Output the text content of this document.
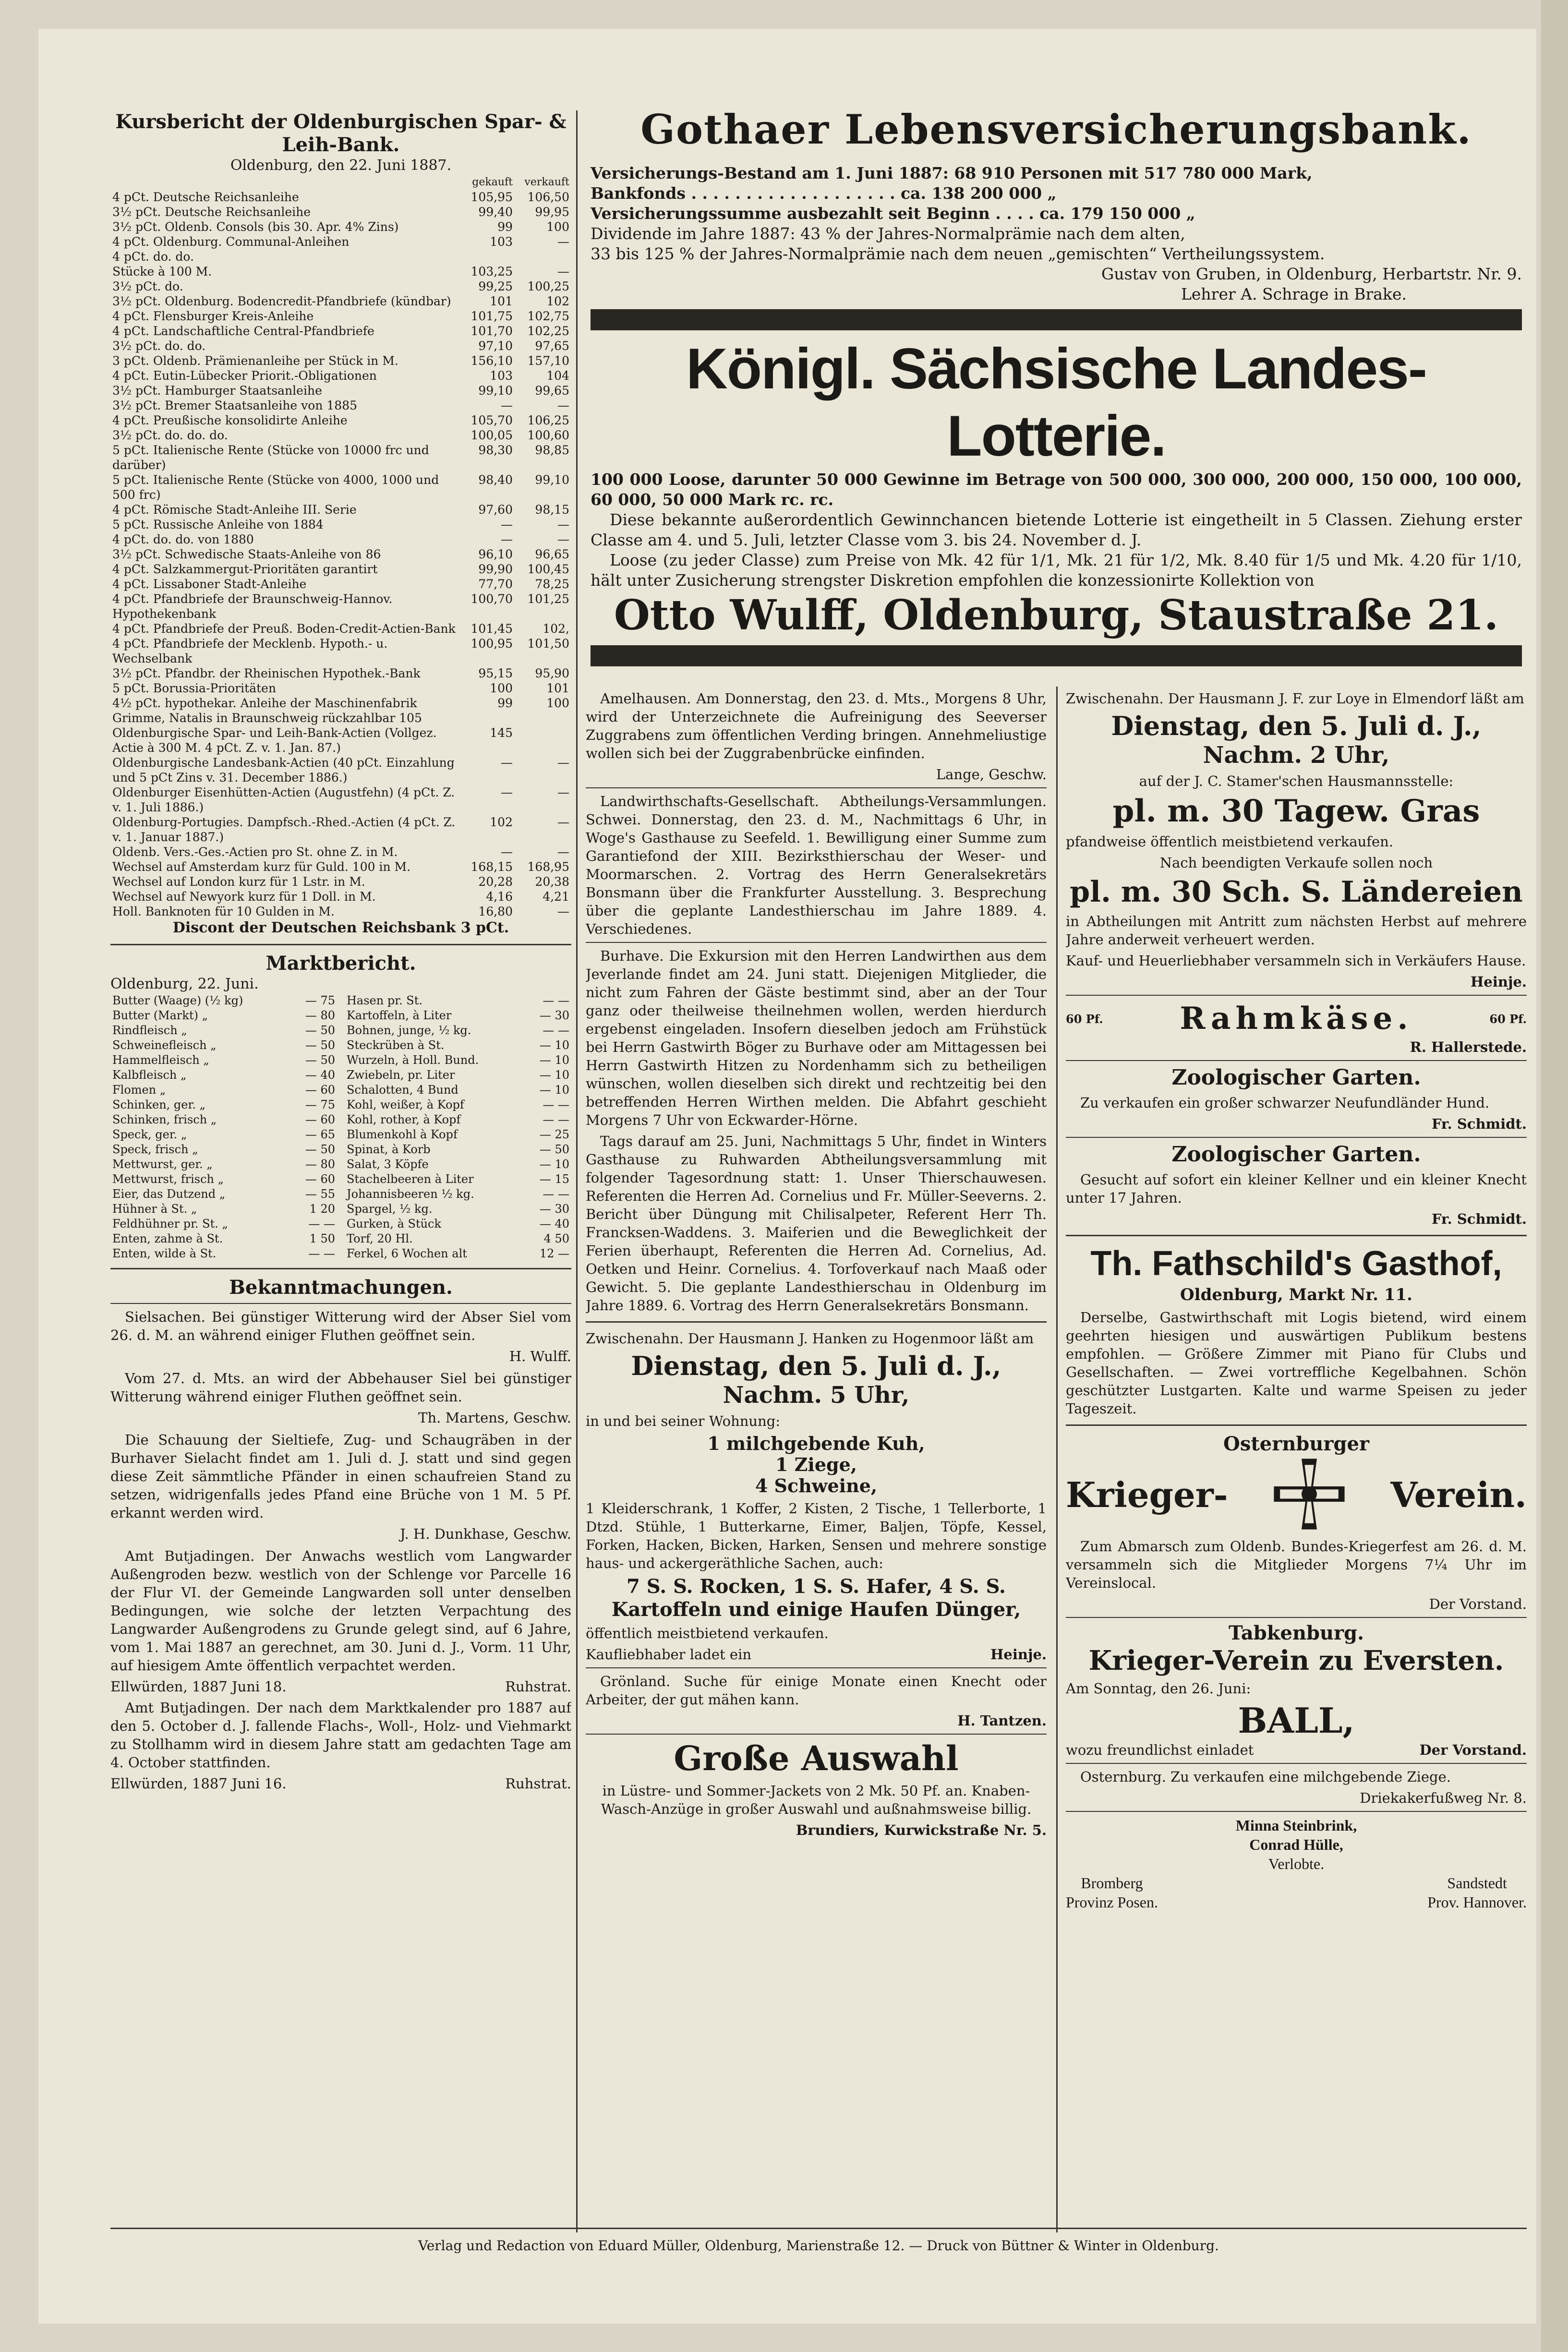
Kursbericht der Oldenburgischen Spar- & Leih-Bank.

Oldenburg, den 22. Juni 1887.

	gekauft	verkauft
4 pCt. Deutsche Reichsanleihe	105,95	106,50
3½ pCt. Deutsche Reichsanleihe	99,40	99,95
3½ pCt. Oldenb. Consols (bis 30. Apr. 4% Zins)	99	100
4 pCt. Oldenburg. Communal-Anleihen	103	—
4 pCt. do. do.		
Stücke à 100 M.	103,25	—
3½ pCt. do.	99,25	100,25
3½ pCt. Oldenburg. Bodencredit-Pfandbriefe (kündbar)	101	102
4 pCt. Flensburger Kreis-Anleihe	101,75	102,75
4 pCt. Landschaftliche Central-Pfandbriefe	101,70	102,25
3½ pCt. do. do.	97,10	97,65
3 pCt. Oldenb. Prämienanleihe per Stück in M.	156,10	157,10
4 pCt. Eutin-Lübecker Priorit.-Obligationen	103	104
3½ pCt. Hamburger Staatsanleihe	99,10	99,65
3½ pCt. Bremer Staatsanleihe von 1885	—	—
4 pCt. Preußische konsolidirte Anleihe	105,70	106,25
3½ pCt. do. do. do.	100,05	100,60
5 pCt. Italienische Rente (Stücke von 10000 frc und darüber)	98,30	98,85
5 pCt. Italienische Rente (Stücke von 4000, 1000 und 500 frc)	98,40	99,10
4 pCt. Römische Stadt-Anleihe III. Serie	97,60	98,15
5 pCt. Russische Anleihe von 1884	—	—
4 pCt. do. do. von 1880	—	—
3½ pCt. Schwedische Staats-Anleihe von 86	96,10	96,65
4 pCt. Salzkammergut-Prioritäten garantirt	99,90	100,45
4 pCt. Lissaboner Stadt-Anleihe	77,70	78,25
4 pCt. Pfandbriefe der Braunschweig-Hannov. Hypothekenbank	100,70	101,25
4 pCt. Pfandbriefe der Preuß. Boden-Credit-Actien-Bank	101,45	102,
4 pCt. Pfandbriefe der Mecklenb. Hypoth.- u. Wechselbank	100,95	101,50
3½ pCt. Pfandbr. der Rheinischen Hypothek.-Bank	95,15	95,90
5 pCt. Borussia-Prioritäten	100	101
4½ pCt. hypothekar. Anleihe der Maschinenfabrik Grimme, Natalis in Braunschweig rückzahlbar 105	99	100
Oldenburgische Spar- und Leih-Bank-Actien (Vollgez. Actie à 300 M. 4 pCt. Z. v. 1. Jan. 87.)	145	
Oldenburgische Landesbank-Actien (40 pCt. Einzahlung und 5 pCt Zins v. 31. December 1886.)	—	—
Oldenburger Eisenhütten-Actien (Augustfehn) (4 pCt. Z. v. 1. Juli 1886.)	—	—
Oldenburg-Portugies. Dampfsch.-Rhed.-Actien (4 pCt. Z. v. 1. Januar 1887.)	102	—
Oldenb. Vers.-Ges.-Actien pro St. ohne Z. in M.	—	—
Wechsel auf Amsterdam kurz für Guld. 100 in M.	168,15	168,95
Wechsel auf London kurz für 1 Lstr. in M.	20,28	20,38
Wechsel auf Newyork kurz für 1 Doll. in M.	4,16	4,21
Holl. Banknoten für 10 Gulden in M.	16,80	—

Discont der Deutschen Reichsbank 3 pCt.

Marktbericht.

Oldenburg, 22. Juni.

Butter (Waage) (½ kg)	— 75
Butter (Markt) „	— 80
Rindfleisch „	— 50
Schweinefleisch „	— 50
Hammelfleisch „	— 50
Kalbfleisch „	— 40
Flomen „	— 60
Schinken, ger. „	— 75
Schinken, frisch „	— 60
Speck, ger. „	— 65
Speck, frisch „	— 50
Mettwurst, ger. „	— 80
Mettwurst, frisch „	— 60
Eier, das Dutzend „	— 55
Hühner à St. „	1 20
Feldhühner pr. St. „	— —
Enten, zahme à St.	1 50
Enten, wilde à St.	— —
Hasen pr. St.	— —
Kartoffeln, à Liter	— 30
Bohnen, junge, ½ kg.	— —
Steckrüben à St.	— 10
Wurzeln, à Holl. Bund.	— 10
Zwiebeln, pr. Liter	— 10
Schalotten, 4 Bund	— 10
Kohl, weißer, à Kopf	— —
Kohl, rother, à Kopf	— —
Blumenkohl à Kopf	— 25
Spinat, à Korb	— 50
Salat, 3 Köpfe	— 10
Stachelbeeren à Liter	— 15
Johannisbeeren ½ kg.	— —
Spargel, ½ kg.	— 30
Gurken, à Stück	— 40
Torf, 20 Hl.	4 50
Ferkel, 6 Wochen alt	12 —

Bekanntmachungen.

Sielsachen. Bei günstiger Witterung wird der Abser Siel vom 26. d. M. an während einiger Fluthen geöffnet sein.

H. Wulff.

Vom 27. d. Mts. an wird der Abbehauser Siel bei günstiger Witterung während einiger Fluthen geöffnet sein.

Th. Martens, Geschw.

Die Schauung der Sieltiefe, Zug- und Schaugräben in der Burhaver Sielacht findet am 1. Juli d. J. statt und sind gegen diese Zeit sämmtliche Pfänder in einen schaufreien Stand zu setzen, widrigenfalls jedes Pfand eine Brüche von 1 M. 5 Pf. erkannt werden wird.

J. H. Dunkhase, Geschw.

Amt Butjadingen. Der Anwachs westlich vom Langwarder Außengroden bezw. westlich von der Schlenge vor Parcelle 16 der Flur VI. der Gemeinde Langwarden soll unter denselben Bedingungen, wie solche der letzten Verpachtung des Langwarder Außengrodens zu Grunde gelegt sind, auf 6 Jahre, vom 1. Mai 1887 an gerechnet, am 30. Juni d. J., Vorm. 11 Uhr, auf hiesigem Amte öffentlich verpachtet werden.

Ellwürden, 1887 Juni 18.	Ruhstrat.

Amt Butjadingen. Der nach dem Marktkalender pro 1887 auf den 5. October d. J. fallende Flachs-, Woll-, Holz- und Viehmarkt zu Stollhamm wird in diesem Jahre statt am gedachten Tage am 4. October stattfinden.

Ellwürden, 1887 Juni 16.	Ruhstrat.
Gothaer Lebensversicherungsbank.
Versicherungs-Bestand am 1. Juni 1887: 68 910 Personen mit 517 780 000 Mark,
Bankfonds . . . . . . . . . . . . . . . . . . . ca. 138 200 000 „
Versicherungssumme ausbezahlt seit Beginn . . . . ca. 179 150 000 „
Dividende im Jahre 1887: 43 % der Jahres-Normalprämie nach dem alten,
33 bis 125 % der Jahres-Normalprämie nach dem neuen „gemischten“ Vertheilungssystem.
Gustav von Gruben, in Oldenburg, Herbartstr. Nr. 9.
Lehrer A. Schrage in Brake.
Königl. Sächsische Landes-Lotterie.
100 000 Loose, darunter 50 000 Gewinne im Betrage von 500 000, 300 000, 200 000, 150 000, 100 000, 60 000, 50 000 Mark rc. rc.
Diese bekannte außerordentlich Gewinnchancen bietende Lotterie ist eingetheilt in 5 Classen. Ziehung erster Classe am 4. und 5. Juli, letzter Classe vom 3. bis 24. November d. J.
Loose (zu jeder Classe) zum Preise von Mk. 42 für 1/1, Mk. 21 für 1/2, Mk. 8.40 für 1/5 und Mk. 4.20 für 1/10, hält unter Zusicherung strengster Diskretion empfohlen die konzessionirte Kollektion von
Otto Wulff, Oldenburg, Staustraße 21.

Amelhausen. Am Donnerstag, den 23. d. Mts., Morgens 8 Uhr, wird der Unterzeichnete die Aufreinigung des Seeverser Zuggrabens zum öffentlichen Verding bringen. Annehmeliustige wollen sich bei der Zuggrabenbrücke einfinden.

Lange, Geschw.

Landwirthschafts-Gesellschaft. Abtheilungs-Versammlungen. Schwei. Donnerstag, den 23. d. M., Nachmittags 6 Uhr, in Woge's Gasthause zu Seefeld. 1. Bewilligung einer Summe zum Garantiefond der XIII. Bezirksthierschau der Weser- und Moormarschen. 2. Vortrag des Herrn Generalsekretärs Bonsmann über die Frankfurter Ausstellung. 3. Besprechung über die geplante Landesthierschau im Jahre 1889. 4. Verschiedenes.

Burhave. Die Exkursion mit den Herren Landwirthen aus dem Jeverlande findet am 24. Juni statt. Diejenigen Mitglieder, die nicht zum Fahren der Gäste bestimmt sind, aber an der Tour ganz oder theilweise theilnehmen wollen, werden hierdurch ergebenst eingeladen. Insofern dieselben jedoch am Frühstück bei Herrn Gastwirth Böger zu Burhave oder am Mittagessen bei Herrn Gastwirth Hitzen zu Nordenhamm sich zu betheiligen wünschen, wollen dieselben sich direkt und rechtzeitig bei den betreffenden Herren Wirthen melden. Die Abfahrt geschieht Morgens 7 Uhr von Eckwarder-Hörne.

Tags darauf am 25. Juni, Nachmittags 5 Uhr, findet in Winters Gasthause zu Ruhwarden Abtheilungsversammlung mit folgender Tagesordnung statt: 1. Unser Thierschauwesen. Referenten die Herren Ad. Cornelius und Fr. Müller-Seeverns. 2. Bericht über Düngung mit Chilisalpeter, Referent Herr Th. Francksen-Waddens. 3. Maiferien und die Beweglichkeit der Ferien überhaupt, Referenten die Herren Ad. Cornelius, Ad. Oetken und Heinr. Cornelius. 4. Torfoverkauf nach Maaß oder Gewicht. 5. Die geplante Landesthierschau in Oldenburg im Jahre 1889. 6. Vortrag des Herrn Generalsekretärs Bonsmann.

Zwischenahn. Der Hausmann J. Hanken zu Hogenmoor läßt am

Dienstag, den 5. Juli d. J.,

Nachm. 5 Uhr,

in und bei seiner Wohnung:

1 milchgebende Kuh,

1 Ziege,

4 Schweine,

1 Kleiderschrank, 1 Koffer, 2 Kisten, 2 Tische, 1 Tellerborte, 1 Dtzd. Stühle, 1 Butterkarne, Eimer, Baljen, Töpfe, Kessel, Forken, Hacken, Bicken, Harken, Sensen und mehrere sonstige haus- und ackergeräthliche Sachen, auch:

7 S. S. Rocken, 1 S. S. Hafer, 4 S. S. Kartoffeln und einige Haufen Dünger,

öffentlich meistbietend verkaufen.

Kaufliebhaber ladet ein	Heinje.

Grönland. Suche für einige Monate einen Knecht oder Arbeiter, der gut mähen kann.

H. Tantzen.

Große Auswahl

in Lüstre- und Sommer-Jackets von 2 Mk. 50 Pf. an. Knaben-Wasch-Anzüge in großer Auswahl und außnahmsweise billig.

Brundiers, Kurwickstraße Nr. 5.

Zwischenahn. Der Hausmann J. F. zur Loye in Elmendorf läßt am

Dienstag, den 5. Juli d. J.,

Nachm. 2 Uhr,

auf der J. C. Stamer'schen Hausmannsstelle:

pl. m. 30 Tagew. Gras

pfandweise öffentlich meistbietend verkaufen.

Nach beendigten Verkaufe sollen noch

pl. m. 30 Sch. S. Ländereien

in Abtheilungen mit Antritt zum nächsten Herbst auf mehrere Jahre anderweit verheuert werden.

Kauf- und Heuerliebhaber versammeln sich in Verkäufers Hause.

Heinje.

60 Pf. Rahmkäse.	60 Pf.

R. Hallerstede.

Zoologischer Garten.

Zu verkaufen ein großer schwarzer Neufundländer Hund.

Fr. Schmidt.

Zoologischer Garten.

Gesucht auf sofort ein kleiner Kellner und ein kleiner Knecht unter 17 Jahren.

Fr. Schmidt.

Th. Fathschild's Gasthof,

Oldenburg, Markt Nr. 11.

Derselbe, Gastwirthschaft mit Logis bietend, wird einem geehrten hiesigen und auswärtigen Publikum bestens empfohlen. — Größere Zimmer mit Piano für Clubs und Gesellschaften. — Zwei vortreffliche Kegelbahnen. Schön geschützter Lustgarten. Kalte und warme Speisen zu jeder Tageszeit.

Osternburger

Krieger-	Verein.

Zum Abmarsch zum Oldenb. Bundes-Kriegerfest am 26. d. M. versammeln sich die Mitglieder Morgens 7¼ Uhr im Vereinslocal.

Der Vorstand.

Tabkenburg.

Krieger-Verein zu Eversten.

Am Sonntag, den 26. Juni:

BALL,

wozu freundlichst einladet	Der Vorstand.

Osternburg. Zu verkaufen eine milchgebende Ziege.

Driekakerfußweg Nr. 8.

Minna Steinbrink,
Conrad Hülle,
Verlobte.
Bromberg
Provinz Posen.
Sandstedt
Prov. Hannover.
Verlag und Redaction von Eduard Müller, Oldenburg, Marienstraße 12. — Druck von Büttner & Winter in Oldenburg.
